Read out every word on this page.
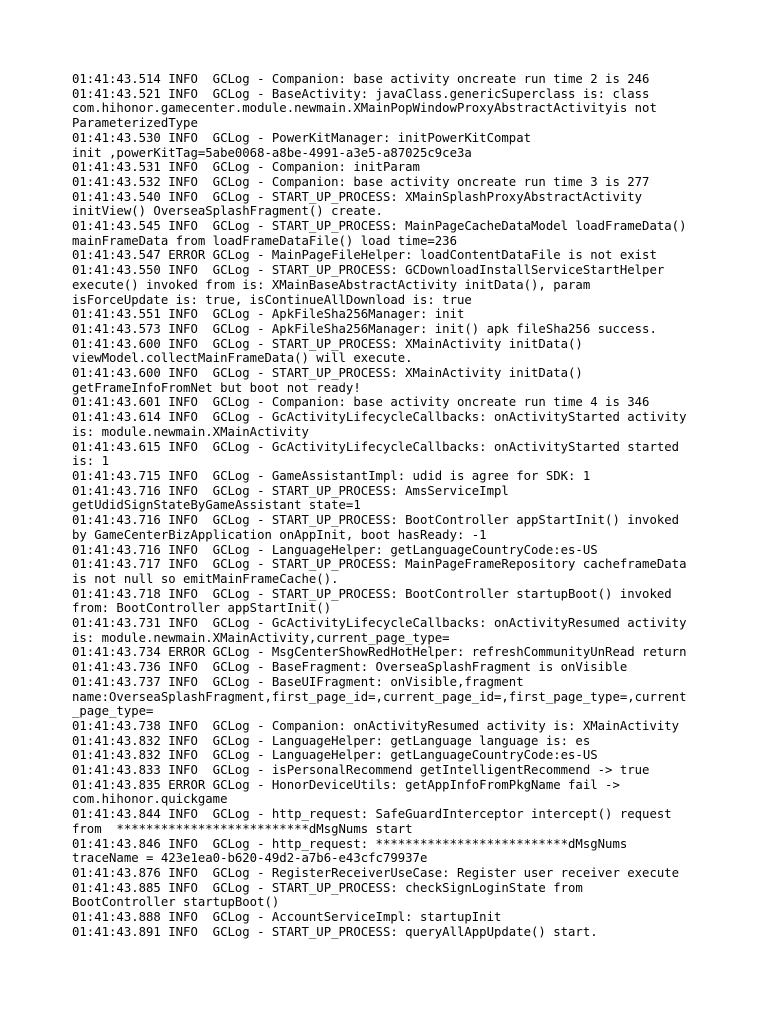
01:41:43.514 INFO  GCLog - Companion: base activity oncreate run time 2 is 246
01:41:43.521 INFO  GCLog - BaseActivity: javaClass.genericSuperclass is: class
com.hihonor.gamecenter.module.newmain.XMainPopWindowProxyAbstractActivityis not
ParameterizedType
01:41:43.530 INFO  GCLog - PowerKitManager: initPowerKitCompat
init ,powerKitTag=5abe0068-a8be-4991-a3e5-a87025c9ce3a
01:41:43.531 INFO  GCLog - Companion: initParam
01:41:43.532 INFO  GCLog - Companion: base activity oncreate run time 3 is 277
01:41:43.540 INFO  GCLog - START_UP_PROCESS: XMainSplashProxyAbstractActivity
initView() OverseaSplashFragment() create.
01:41:43.545 INFO  GCLog - START_UP_PROCESS: MainPageCacheDataModel loadFrameData()
mainFrameData from loadFrameDataFile() load time=236
01:41:43.547 ERROR GCLog - MainPageFileHelper: loadContentDataFile is not exist
01:41:43.550 INFO  GCLog - START_UP_PROCESS: GCDownloadInstallServiceStartHelper
execute() invoked from is: XMainBaseAbstractActivity initData(), param
isForceUpdate is: true, isContinueAllDownload is: true
01:41:43.551 INFO  GCLog - ApkFileSha256Manager: init
01:41:43.573 INFO  GCLog - ApkFileSha256Manager: init() apk fileSha256 success.
01:41:43.600 INFO  GCLog - START_UP_PROCESS: XMainActivity initData()
viewModel.collectMainFrameData() will execute.
01:41:43.600 INFO  GCLog - START_UP_PROCESS: XMainActivity initData()
getFrameInfoFromNet but boot not ready!
01:41:43.601 INFO  GCLog - Companion: base activity oncreate run time 4 is 346
01:41:43.614 INFO  GCLog - GcActivityLifecycleCallbacks: onActivityStarted activity
is: module.newmain.XMainActivity
01:41:43.615 INFO  GCLog - GcActivityLifecycleCallbacks: onActivityStarted started
is: 1
01:41:43.715 INFO  GCLog - GameAssistantImpl: udid is agree for SDK: 1
01:41:43.716 INFO  GCLog - START_UP_PROCESS: AmsServiceImpl
getUdidSignStateByGameAssistant state=1
01:41:43.716 INFO  GCLog - START_UP_PROCESS: BootController appStartInit() invoked
by GameCenterBizApplication onAppInit, boot hasReady: -1
01:41:43.716 INFO  GCLog - LanguageHelper: getLanguageCountryCode:es-US
01:41:43.717 INFO  GCLog - START_UP_PROCESS: MainPageFrameRepository cacheframeData
is not null so emitMainFrameCache().
01:41:43.718 INFO  GCLog - START_UP_PROCESS: BootController startupBoot() invoked
from: BootController appStartInit()
01:41:43.731 INFO  GCLog - GcActivityLifecycleCallbacks: onActivityResumed activity
is: module.newmain.XMainActivity,current_page_type=
01:41:43.734 ERROR GCLog - MsgCenterShowRedHotHelper: refreshCommunityUnRead return
01:41:43.736 INFO  GCLog - BaseFragment: OverseaSplashFragment is onVisible
01:41:43.737 INFO  GCLog - BaseUIFragment: onVisible,fragment
name:OverseaSplashFragment,first_page_id=,current_page_id=,first_page_type=,current
_page_type=
01:41:43.738 INFO  GCLog - Companion: onActivityResumed activity is: XMainActivity
01:41:43.832 INFO  GCLog - LanguageHelper: getLanguage language is: es
01:41:43.832 INFO  GCLog - LanguageHelper: getLanguageCountryCode:es-US
01:41:43.833 INFO  GCLog - isPersonalRecommend getIntelligentRecommend -> true
01:41:43.835 ERROR GCLog - HonorDeviceUtils: getAppInfoFromPkgName fail ->
com.hihonor.quickgame
01:41:43.844 INFO  GCLog - http_request: SafeGuardInterceptor intercept() request
from  **************************dMsgNums start
01:41:43.846 INFO  GCLog - http_request: **************************dMsgNums
traceName = 423e1ea0-b620-49d2-a7b6-e43cfc79937e
01:41:43.876 INFO  GCLog - RegisterReceiverUseCase: Register user receiver execute
01:41:43.885 INFO  GCLog - START_UP_PROCESS: checkSignLoginState from
BootController startupBoot()
01:41:43.888 INFO  GCLog - AccountServiceImpl: startupInit
01:41:43.891 INFO  GCLog - START_UP_PROCESS: queryAllAppUpdate() start.
